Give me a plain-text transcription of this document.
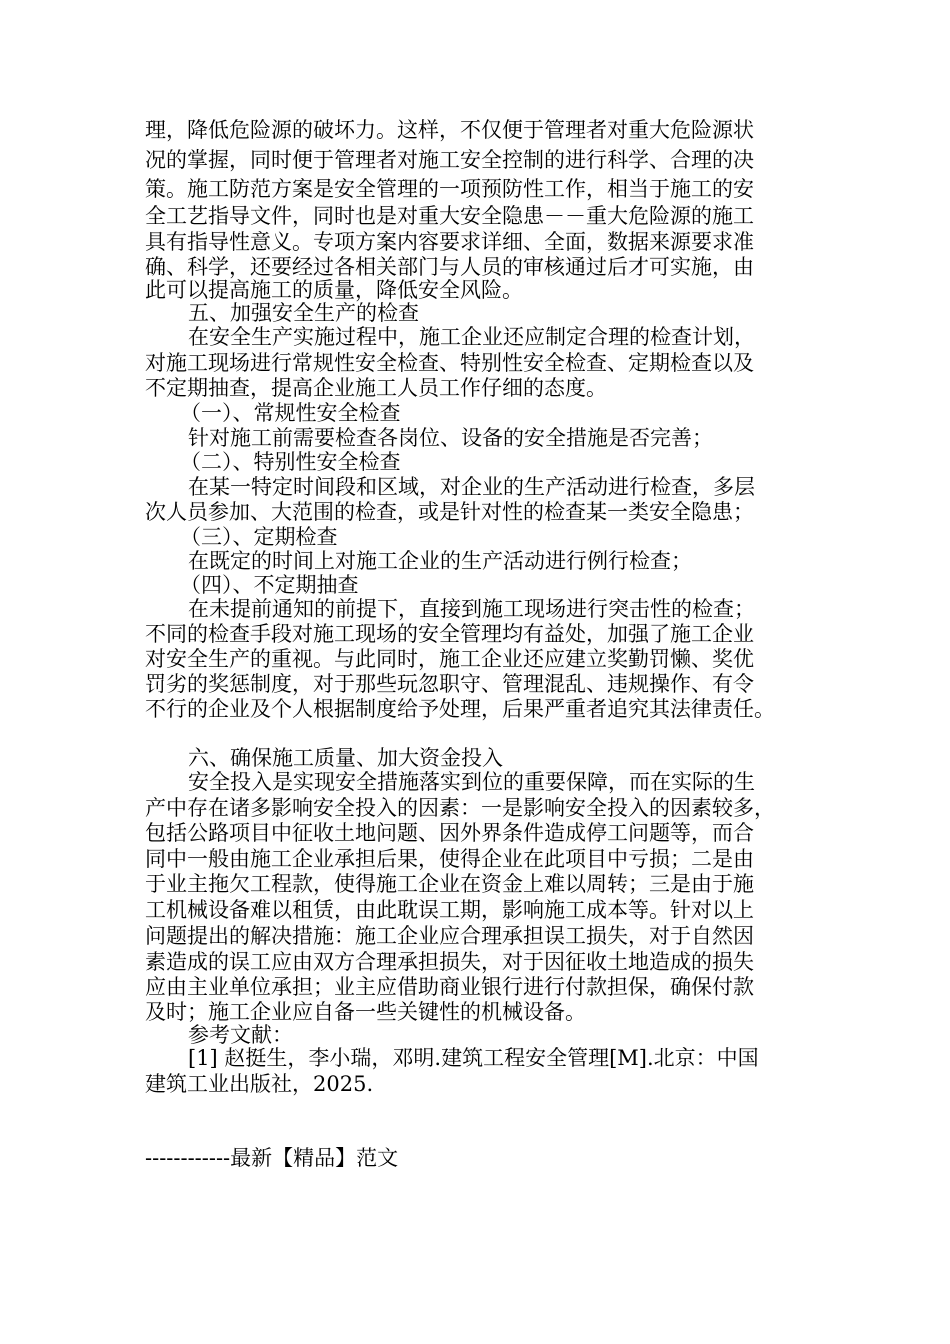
理，降低危险源的破坏力。这样，不仅便于管理者对重大危险源状
况的掌握，同时便于管理者对施工安全控制的进行科学、合理的决
策。施工防范方案是安全管理的一项预防性工作，相当于施工的安
全工艺指导文件，同时也是对重大安全隐患－－重大危险源的施工
具有指导性意义。专项方案内容要求详细、全面，数据来源要求准
确、科学，还要经过各相关部门与人员的审核通过后才可实施，由
此可以提高施工的质量，降低安全风险。
五、加强安全生产的检查
在安全生产实施过程中，施工企业还应制定合理的检查计划，
对施工现场进行常规性安全检查、特别性安全检查、定期检查以及
不定期抽查，提高企业施工人员工作仔细的态度。
（一）、常规性安全检查
针对施工前需要检查各岗位、设备的安全措施是否完善；
（二）、特别性安全检查
在某一特定时间段和区域，对企业的生产活动进行检查，多层
次人员参加、大范围的检查，或是针对性的检查某一类安全隐患；
（三）、定期检查
在既定的时间上对施工企业的生产活动进行例行检查；
（四）、不定期抽查
在未提前通知的前提下，直接到施工现场进行突击性的检查；
不同的检查手段对施工现场的安全管理均有益处，加强了施工企业
对安全生产的重视。与此同时，施工企业还应建立奖勤罚懒、奖优
罚劣的奖惩制度，对于那些玩忽职守、管理混乱、违规操作、有令
不行的企业及个人根据制度给予处理，后果严重者追究其法律责任。
六、确保施工质量、加大资金投入
安全投入是实现安全措施落实到位的重要保障，而在实际的生
产中存在诸多影响安全投入的因素：一是影响安全投入的因素较多，
包括公路项目中征收土地问题、因外界条件造成停工问题等，而合
同中一般由施工企业承担后果，使得企业在此项目中亏损；二是由
于业主拖欠工程款，使得施工企业在资金上难以周转；三是由于施
工机械设备难以租赁，由此耽误工期，影响施工成本等。针对以上
问题提出的解决措施：施工企业应合理承担误工损失，对于自然因
素造成的误工应由双方合理承担损失，对于因征收土地造成的损失
应由主业单位承担；业主应借助商业银行进行付款担保，确保付款
及时；施工企业应自备一些关键性的机械设备。
参考文献：
[1] 赵挺生，李小瑞，邓明.建筑工程安全管理[M].北京：中国
建筑工业出版社，2025.
------------最新【精品】范文
